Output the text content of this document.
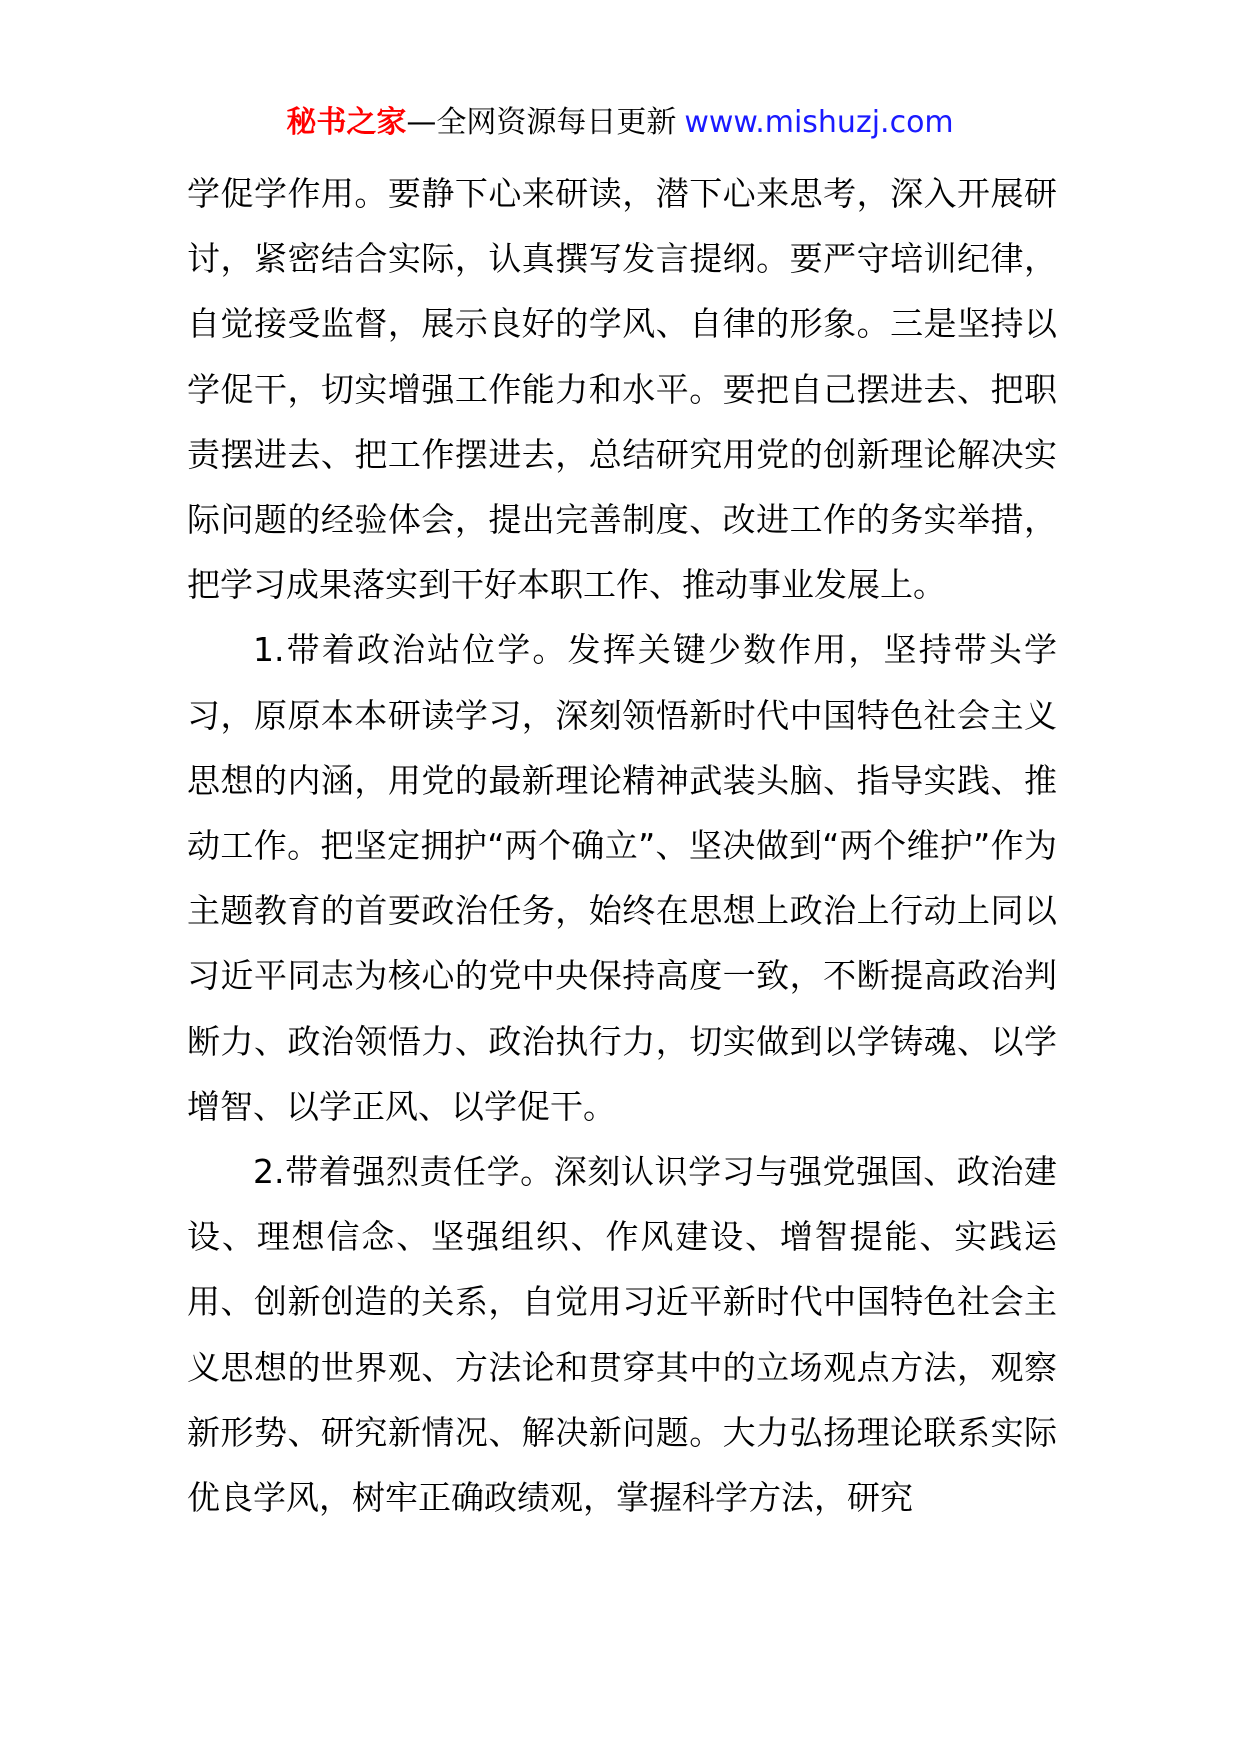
秘书之家—全网资源每日更新 www.mishuzj.com

学促学作用。要静下心来研读，潜下心来思考，深入开展研讨，紧密结合实际，认真撰写发言提纲。要严守培训纪律，自觉接受监督，展示良好的学风、自律的形象。三是坚持以学促干，切实增强工作能力和水平。要把自己摆进去、把职责摆进去、把工作摆进去，总结研究用党的创新理论解决实际问题的经验体会，提出完善制度、改进工作的务实举措，把学习成果落实到干好本职工作、推动事业发展上。

1.带着政治站位学。发挥关键少数作用，坚持带头学习，原原本本研读学习，深刻领悟新时代中国特色社会主义思想的内涵，用党的最新理论精神武装头脑、指导实践、推动工作。把坚定拥护“两个确立”、坚决做到“两个维护”作为主题教育的首要政治任务，始终在思想上政治上行动上同以习近平同志为核心的党中央保持高度一致，不断提高政治判断力、政治领悟力、政治执行力，切实做到以学铸魂、以学增智、以学正风、以学促干。

2.带着强烈责任学。深刻认识学习与强党强国、政治建设、理想信念、坚强组织、作风建设、增智提能、实践运用、创新创造的关系，自觉用习近平新时代中国特色社会主义思想的世界观、方法论和贯穿其中的立场观点方法，观察新形势、研究新情况、解决新问题。大力弘扬理论联系实际优良学风，树牢正确政绩观，掌握科学方法，研究
